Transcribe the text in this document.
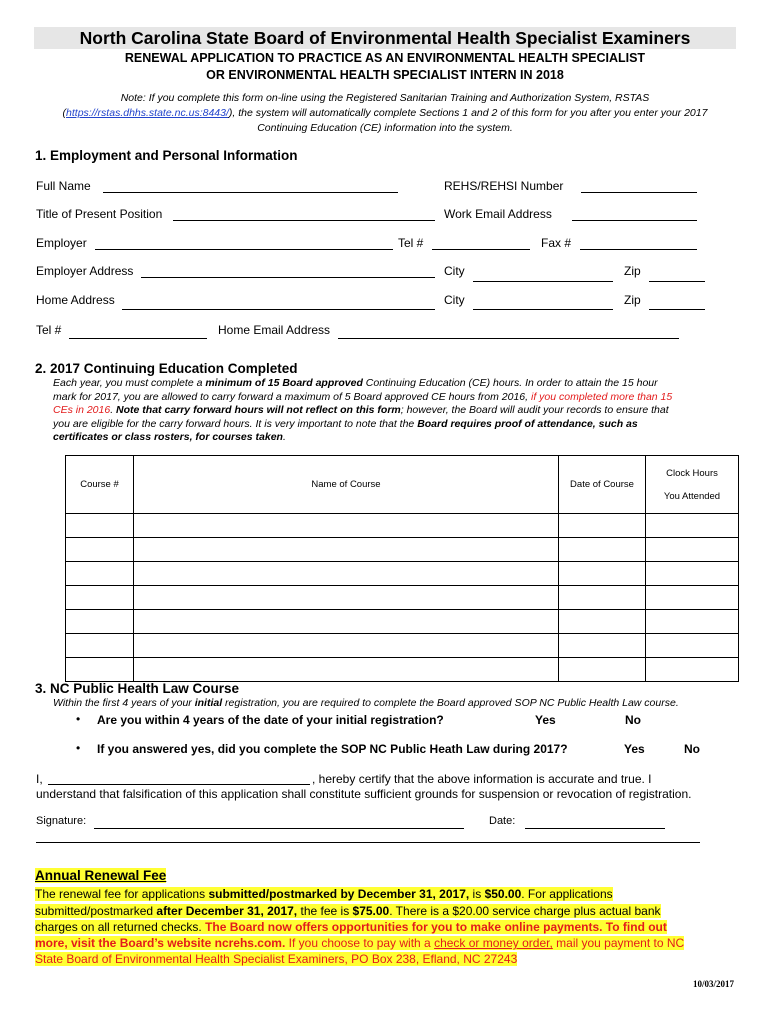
North Carolina State Board of Environmental Health Specialist Examiners
RENEWAL APPLICATION TO PRACTICE AS AN ENVIRONMENTAL HEALTH SPECIALIST
OR ENVIRONMENTAL HEALTH SPECIALIST INTERN IN 2018
Note: If you complete this form on-line using the Registered Sanitarian Training and Authorization System, RSTAS
(https://rstas.dhhs.state.nc.us:8443/), the system will automatically complete Sections 1 and 2 of this form for you after you enter your 2017
Continuing Education (CE) information into the system.
1. Employment and Personal Information
Full Name	REHS/REHSI Number
Title of Present Position	Work Email Address
Employer	Tel #	Fax #
Employer Address	City	Zip
Home Address	City	Zip
Tel #	Home Email Address
2. 2017 Continuing Education Completed
Each year, you must complete a minimum of 15 Board approved Continuing Education (CE) hours. In order to attain the 15 hour
mark for 2017, you are allowed to carry forward a maximum of 5 Board approved CE hours from 2016, if you completed more than 15
CEs in 2016. Note that carry forward hours will not reflect on this form; however, the Board will audit your records to ensure that
you are eligible for the carry forward hours. It is very important to note that the Board requires proof of attendance, such as
certificates or class rosters, for courses taken.
Course #	Name of Course	Date of Course	Clock Hours
You Attended

3. NC Public Health Law Course
Within the first 4 years of your initial registration, you are required to complete the Board approved SOP NC Public Health Law course.
• Are you within 4 years of the date of your initial registration?	Yes	No
• If you answered yes, did you complete the SOP NC Public Heath Law during 2017?	Yes	No
I,	, hereby certify that the above information is accurate and true. I
understand that falsification of this application shall constitute sufficient grounds for suspension or revocation of registration.
Signature:	Date:
Annual Renewal Fee
The renewal fee for applications submitted/postmarked by December 31, 2017, is $50.00. For applications
submitted/postmarked after December 31, 2017, the fee is $75.00. There is a $20.00 service charge plus actual bank
charges on all returned checks. The Board now offers opportunities for you to make online payments. To find out
more, visit the Board’s website ncrehs.com. If you choose to pay with a check or money order, mail you payment to NC
State Board of Environmental Health Specialist Examiners, PO Box 238, Efland, NC 27243
10/03/2017
